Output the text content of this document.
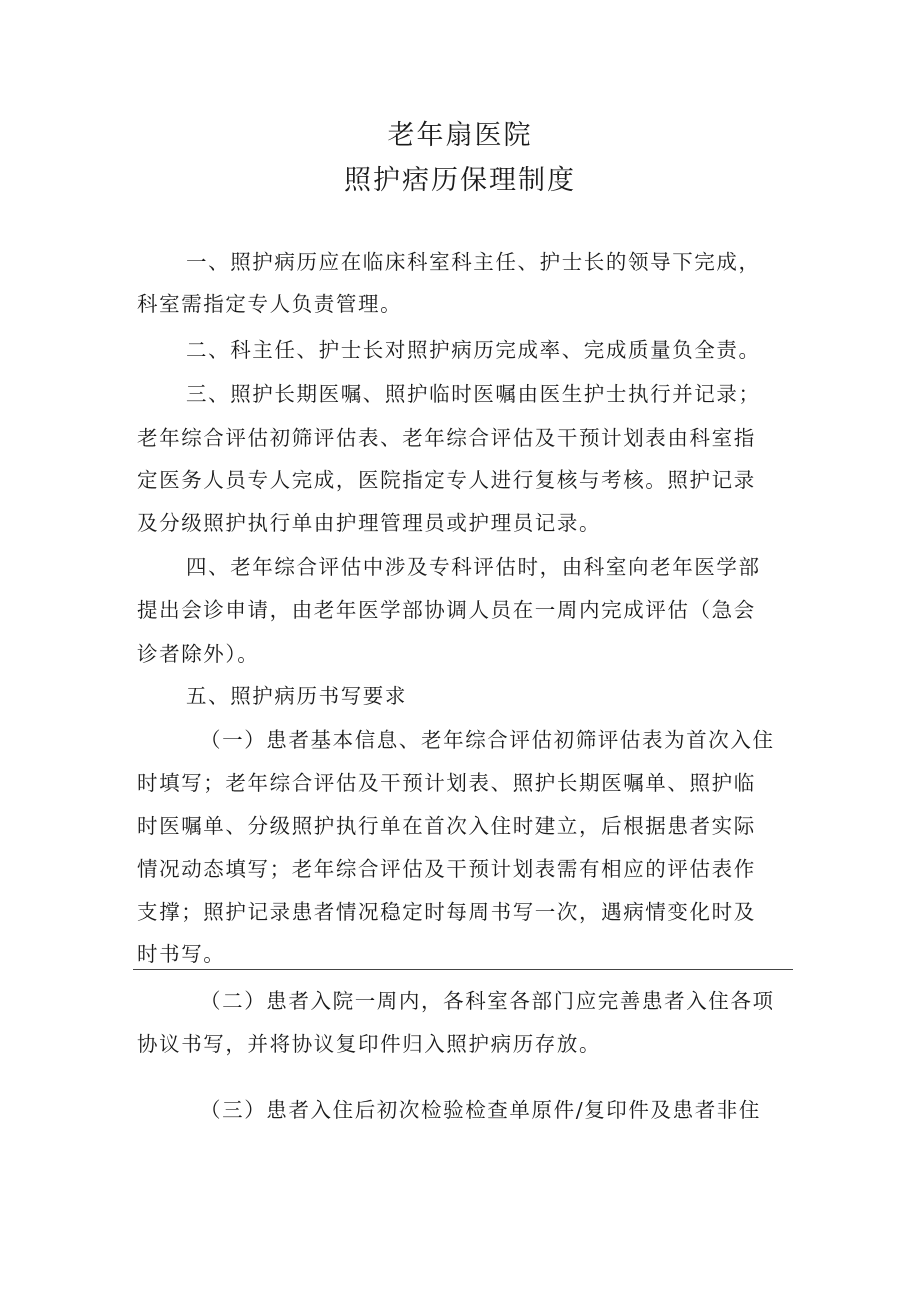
老年扇医院
照护痞历保理制度
一、照护病历应在临床科室科主任、护士长的领导下完成，
科室需指定专人负责管理。
二、科主任、护士长对照护病历完成率、完成质量负全责。
三、照护长期医嘱、照护临时医嘱由医生护士执行并记录；
老年综合评估初筛评估表、老年综合评估及干预计划表由科室指
定医务人员专人完成，医院指定专人进行复核与考核。照护记录
及分级照护执行单由护理管理员或护理员记录。
四、老年综合评估中涉及专科评估时，由科室向老年医学部
提出会诊申请，由老年医学部协调人员在一周内完成评估（急会
诊者除外）。
五、照护病历书写要求
（一）患者基本信息、老年综合评估初筛评估表为首次入住
时填写；老年综合评估及干预计划表、照护长期医嘱单、照护临
时医嘱单、分级照护执行单在首次入住时建立，后根据患者实际
情况动态填写；老年综合评估及干预计划表需有相应的评估表作
支撑；照护记录患者情况稳定时每周书写一次，遇病情变化时及
时书写。
（二）患者入院一周内，各科室各部门应完善患者入住各项
协议书写，并将协议复印件归入照护病历存放。
（三）患者入住后初次检验检查单原件/复印件及患者非住
